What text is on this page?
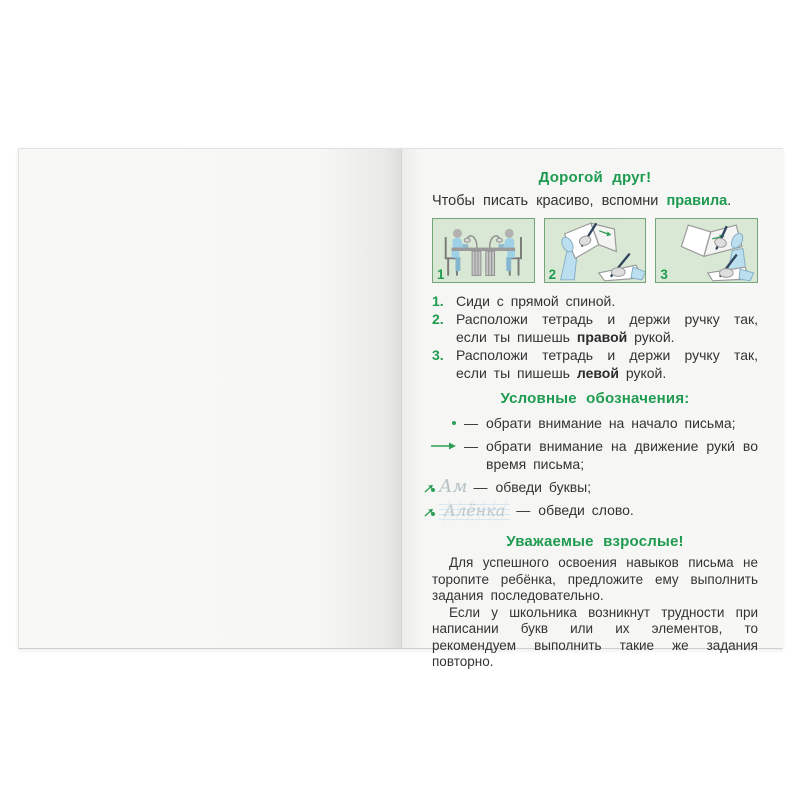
Дорогой друг!

Чтобы писать красиво, вспомни правила.

1	2	3
1. Сиди с прямой спиной.
2. Расположи тетрадь и держи ручку так, если ты пишешь правой рукой.
3. Расположи тетрадь и держи ручку так, если ты пишешь левой рукой.
Условные обозначения:
— обрати внимание на начало письма;
— обрати внимание на движение руки́ во время письма;
Ам — обведи буквы;
Алёнка — обведи слово.
Уважаемые взрослые!

Для успешного освоения навыков письма не торопите ребёнка, предложите ему выполнить задания последовательно.

Если у школьника возникнут трудности при написании букв или их элементов, то рекомендуем выполнить такие же задания повторно.
